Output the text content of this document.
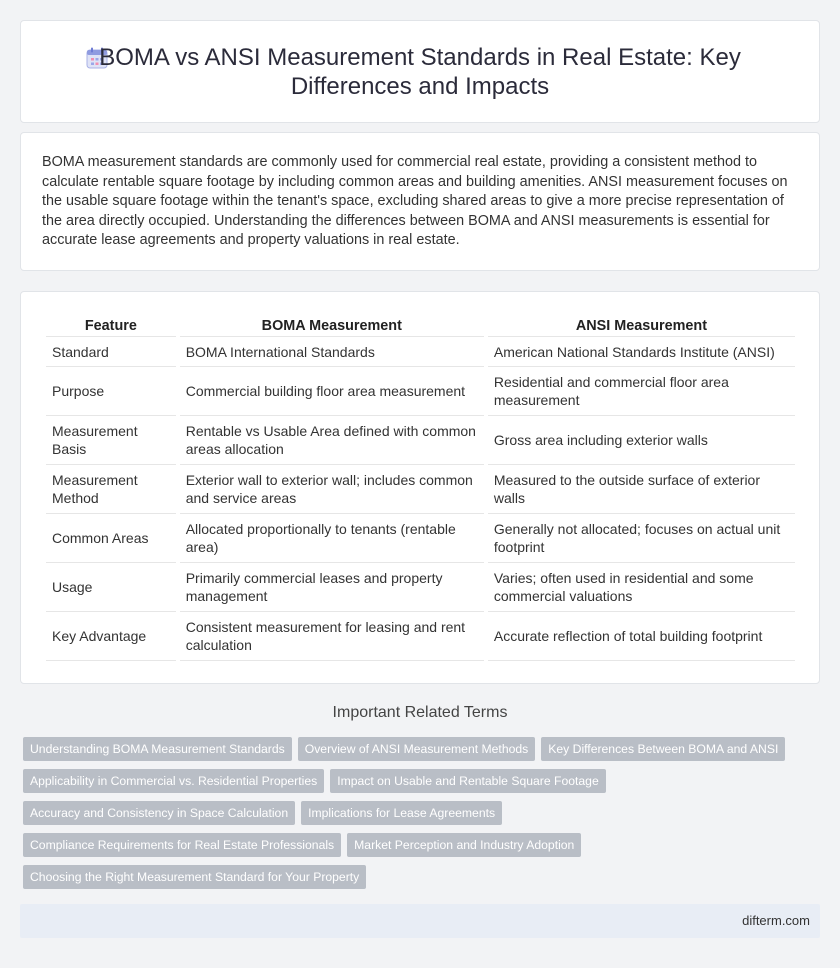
BOMA vs ANSI Measurement Standards in Real Estate: Key Differences and Impacts

BOMA measurement standards are commonly used for commercial real estate, providing a consistent method to calculate rentable square footage by including common areas and building amenities. ANSI measurement focuses on the usable square footage within the tenant's space, excluding shared areas to give a more precise representation of the area directly occupied. Understanding the differences between BOMA and ANSI measurements is essential for accurate lease agreements and property valuations in real estate.

Feature	BOMA Measurement	ANSI Measurement
Standard	BOMA International Standards	American National Standards Institute (ANSI)
Purpose	Commercial building floor area measurement	Residential and commercial floor area measurement
Measurement Basis	Rentable vs Usable Area defined with common areas allocation	Gross area including exterior walls
Measurement Method	Exterior wall to exterior wall; includes common and service areas	Measured to the outside surface of exterior walls
Common Areas	Allocated proportionally to tenants (rentable area)	Generally not allocated; focuses on actual unit footprint
Usage	Primarily commercial leases and property management	Varies; often used in residential and some commercial valuations
Key Advantage	Consistent measurement for leasing and rent calculation	Accurate reflection of total building footprint
Important Related Terms
Understanding BOMA Measurement Standards	Overview of ANSI Measurement Methods	Key Differences Between BOMA and ANSI
Applicability in Commercial vs. Residential Properties	Impact on Usable and Rentable Square Footage
Accuracy and Consistency in Space Calculation	Implications for Lease Agreements
Compliance Requirements for Real Estate Professionals	Market Perception and Industry Adoption
Choosing the Right Measurement Standard for Your Property
difterm.com
